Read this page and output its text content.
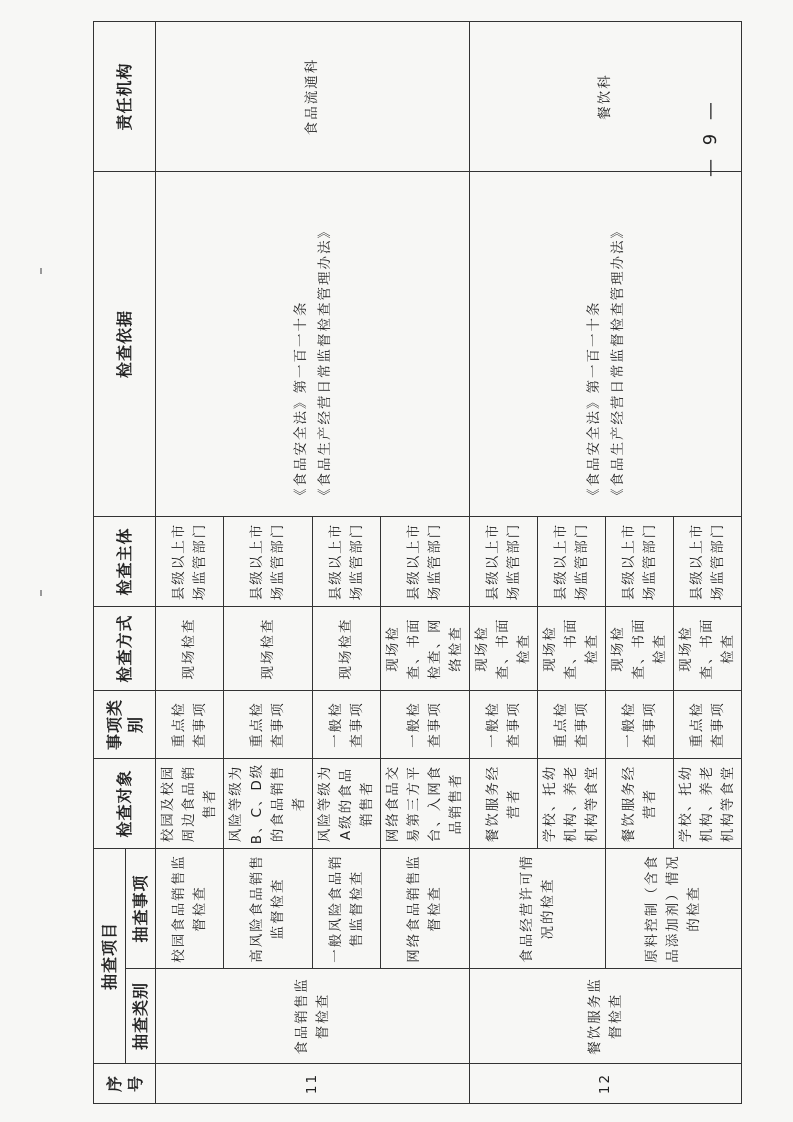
序号	抽查项目		检查对象	事项类别	检查方式	检查主体	检查依据	责任机构
	抽查类别	抽查事项						
11	食品销售监督检查	校园食品销售监督检查	校园及校园周边食品销售者	重点检查事项	现场检查	县级以上市场监管部门	《食品安全法》第一百一十条 《食品生产经营日常监督检查管理办法》	食品流通科
		高风险食品销售监督检查	风险等级为B、C、D级的食品销售者	重点检查事项	现场检查	县级以上市场监管部门		
		一般风险食品销售监督检查	风险等级为A级的食品销售者	一般检查事项	现场检查	县级以上市场监管部门		
		网络食品销售监督检查	网络食品交易第三方平台、入网食品销售者	一般检查事项	现场检查、书面检查、网络检查	县级以上市场监管部门		
12	餐饮服务监督检查	食品经营许可情况的检查	餐饮服务经营者	一般检查事项	现场检查、书面检查	县级以上市场监管部门	《食品安全法》第一百一十条 《食品生产经营日常监督检查管理办法》	餐饮科
			学校、托幼机构、养老机构等食堂	重点检查事项	现场检查、书面检查	县级以上市场监管部门		
		原料控制（含食品添加剂）情况的检查	餐饮服务经营者	一般检查事项	现场检查、书面检查	县级以上市场监管部门		
			学校、托幼机构、养老机构等食堂	重点检查事项	现场检查、书面检查	县级以上市场监管部门		
— 9 —
